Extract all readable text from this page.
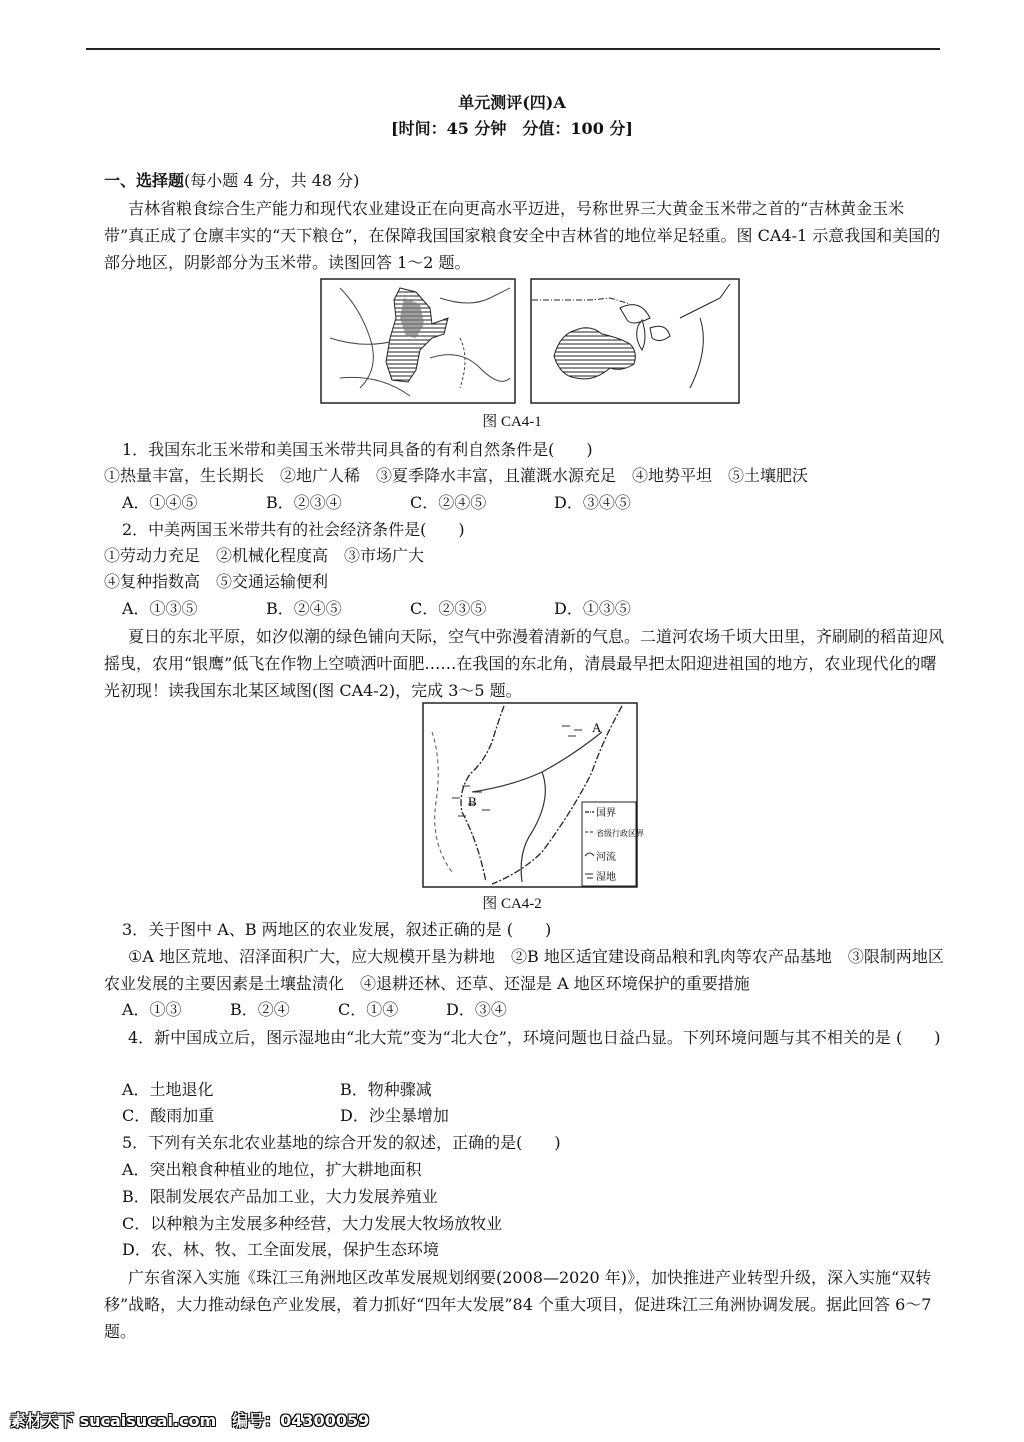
单元测评(四)A
[时间：45 分钟　分值：100 分]
一、选择题(每小题 4 分，共 48 分)

吉林省粮食综合生产能力和现代农业建设正在向更高水平迈进，号称世界三大黄金玉米带之首的“吉林黄金玉米带”真正成了仓廪丰实的“天下粮仓”，在保障我国国家粮食安全中吉林省的地位举足轻重。图 CA4-1 示意我国和美国的部分地区，阴影部分为玉米带。读图回答 1～2 题。

图 CA4-1
1．我国东北玉米带和美国玉米带共同具备的有利自然条件是(　　)
①热量丰富，生长期长　②地广人稀　③夏季降水丰富，且灌溉水源充足　④地势平坦　⑤土壤肥沃
A．①④⑤	B．②③④	C．②④⑤	D．③④⑤
2．中美两国玉米带共有的社会经济条件是(　　)
①劳动力充足　②机械化程度高　③市场广大
④复种指数高　⑤交通运输便利
A．①③⑤	B．②④⑤	C．②③⑤	D．①③⑤

夏日的东北平原，如汐似潮的绿色铺向天际，空气中弥漫着清新的气息。二道河农场千顷大田里，齐刷刷的稻苗迎风摇曳，农用“银鹰”低飞在作物上空喷洒叶面肥……在我国的东北角，清晨最早把太阳迎进祖国的地方，农业现代化的曙光初现！读我国东北某区域图(图 CA4-2)，完成 3～5 题。

A
B
国界
省级行政区界
河流
湿地
图 CA4-2
3．关于图中 A、B 两地区的农业发展，叙述正确的是 (　　)

①A 地区荒地、沼泽面积广大，应大规模开垦为耕地　②B 地区适宜建设商品粮和乳肉等农产品基地　③限制两地区农业发展的主要因素是土壤盐渍化　④退耕还林、还草、还湿是 A 地区环境保护的重要措施

A．①③	B．②④	C．①④	D．③④

4．新中国成立后，图示湿地由“北大荒”变为“北大仓”，环境问题也日益凸显。下列环境问题与其不相关的是 (　　)

A．土地退化	B．物种骤减
C．酸雨加重	D．沙尘暴增加
5．下列有关东北农业基地的综合开发的叙述，正确的是(　　)
A．突出粮食种植业的地位，扩大耕地面积
B．限制发展农产品加工业，大力发展养殖业
C．以种粮为主发展多种经营，大力发展大牧场放牧业
D．农、林、牧、工全面发展，保护生态环境

广东省深入实施《珠江三角洲地区改革发展规划纲要(2008—2020 年)》，加快推进产业转型升级，深入实施“双转移”战略，大力推动绿色产业发展，着力抓好“四年大发展”84 个重大项目，促进珠江三角洲协调发展。据此回答 6～7 题。

素材天下 sucaisucai.com　编号：04300059
